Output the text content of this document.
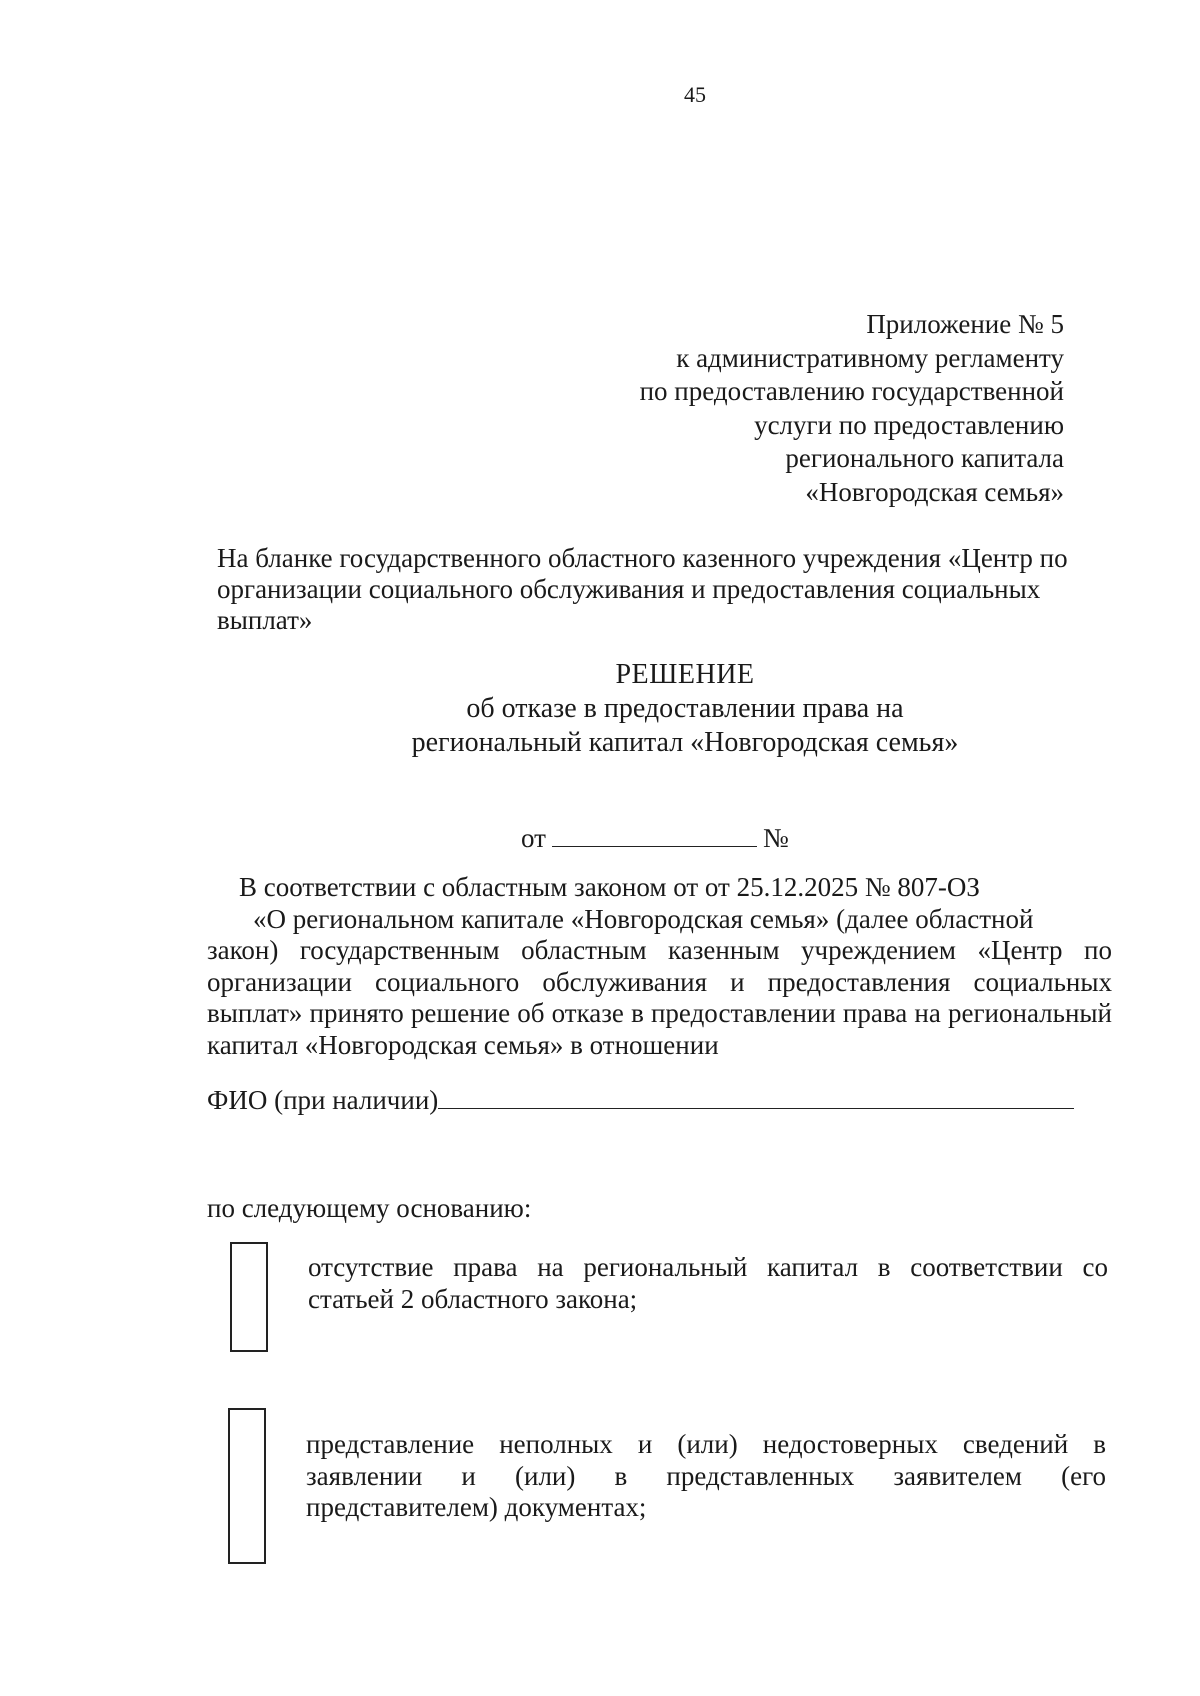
45
Приложение № 5
к административному регламенту
по предоставлению государственной
услуги по предоставлению
регионального капитала
«Новгородская семья»
На бланке государственного областного казенного учреждения «Центр по организации социального обслуживания и предоставления социальных выплат»
РЕШЕНИЕ
об отказе в предоставлении права на
региональный капитал «Новгородская семья»
от	№
В соответствии с областным законом от от 25.12.2025 № 807-ОЗ
«О региональном капитале «Новгородская семья» (далее областной
закон) государственным областным казенным учреждением «Центр по организации социального обслуживания и предоставления социальных выплат» принято решение об отказе в предоставлении права на региональный капитал «Новгородская семья» в отношении
ФИО (при наличии)
по следующему основанию:
отсутствие права на региональный капитал в соответствии со статьей 2 областного закона;
представление неполных и (или) недостоверных сведений в
заявлении и (или) в представленных заявителем (его
представителем) документах;
